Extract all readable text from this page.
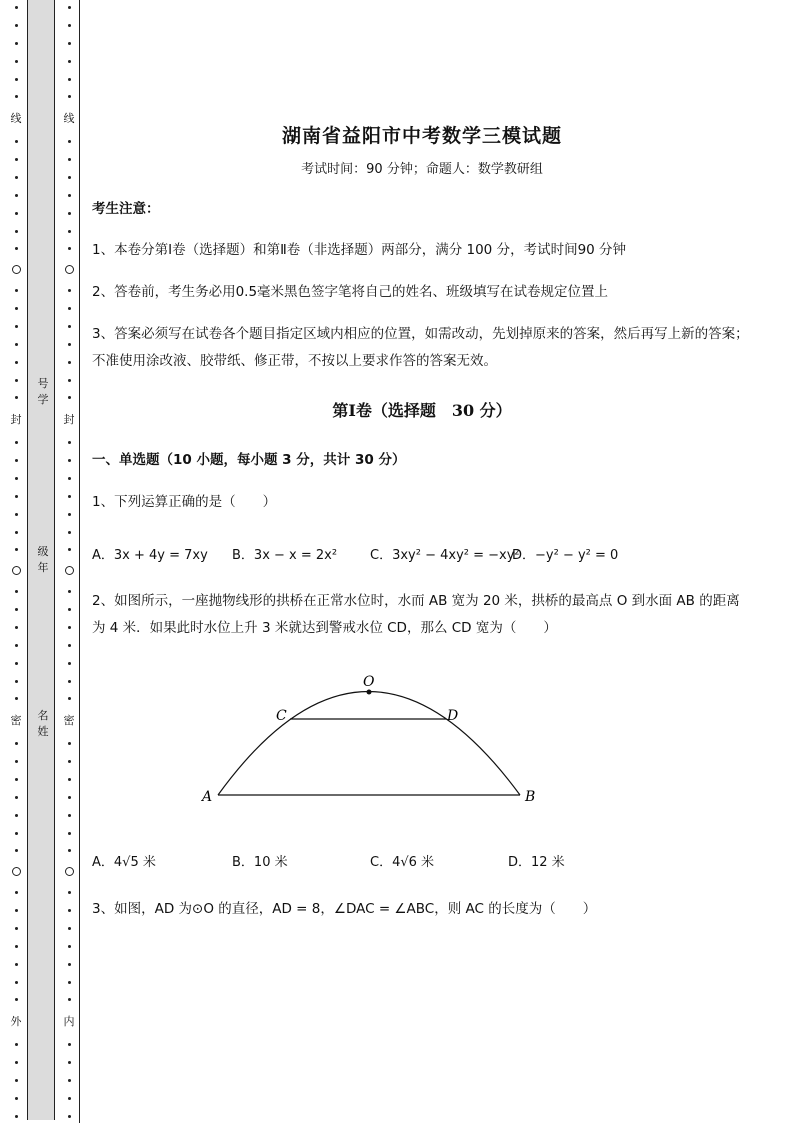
线
封
密
外
线
封
密
内
号学
级年
名姓
湖南省益阳市中考数学三模试题
考试时间：90 分钟；命题人：数学教研组
考生注意：
1、本卷分第Ⅰ卷（选择题）和第Ⅱ卷（非选择题）两部分，满分 100 分，考试时间90 分钟
2、答卷前，考生务必用0.5毫米黑色签字笔将自己的姓名、班级填写在试卷规定位置上
3、答案必须写在试卷各个题目指定区域内相应的位置，如需改动，先划掉原来的答案，然后再写上新的答案；不准使用涂改液、胶带纸、修正带，不按以上要求作答的答案无效。
第Ⅰ卷（选择题　30 分）
一、单选题（10 小题，每小题 3 分，共计 30 分）
1、下列运算正确的是（　　）
A．3x + 4y = 7xy B．3x − x = 2x²	C．3xy² − 4xy² = −xy²
D．−y² − y² = 0
2、如图所示，一座抛物线形的拱桥在正常水位时，水而 AB 宽为 20 米，拱桥的最高点 O 到水面 AB 的距离为 4 米．如果此时水位上升 3 米就达到警戒水位 CD，那么 CD 宽为（　　）
O
C	D
A	B
A．4√5 米	B．10 米	C．4√6 米	D．12 米
3、如图，AD 为⊙O 的直径，AD = 8，∠DAC = ∠ABC，则 AC 的长度为（　　）
